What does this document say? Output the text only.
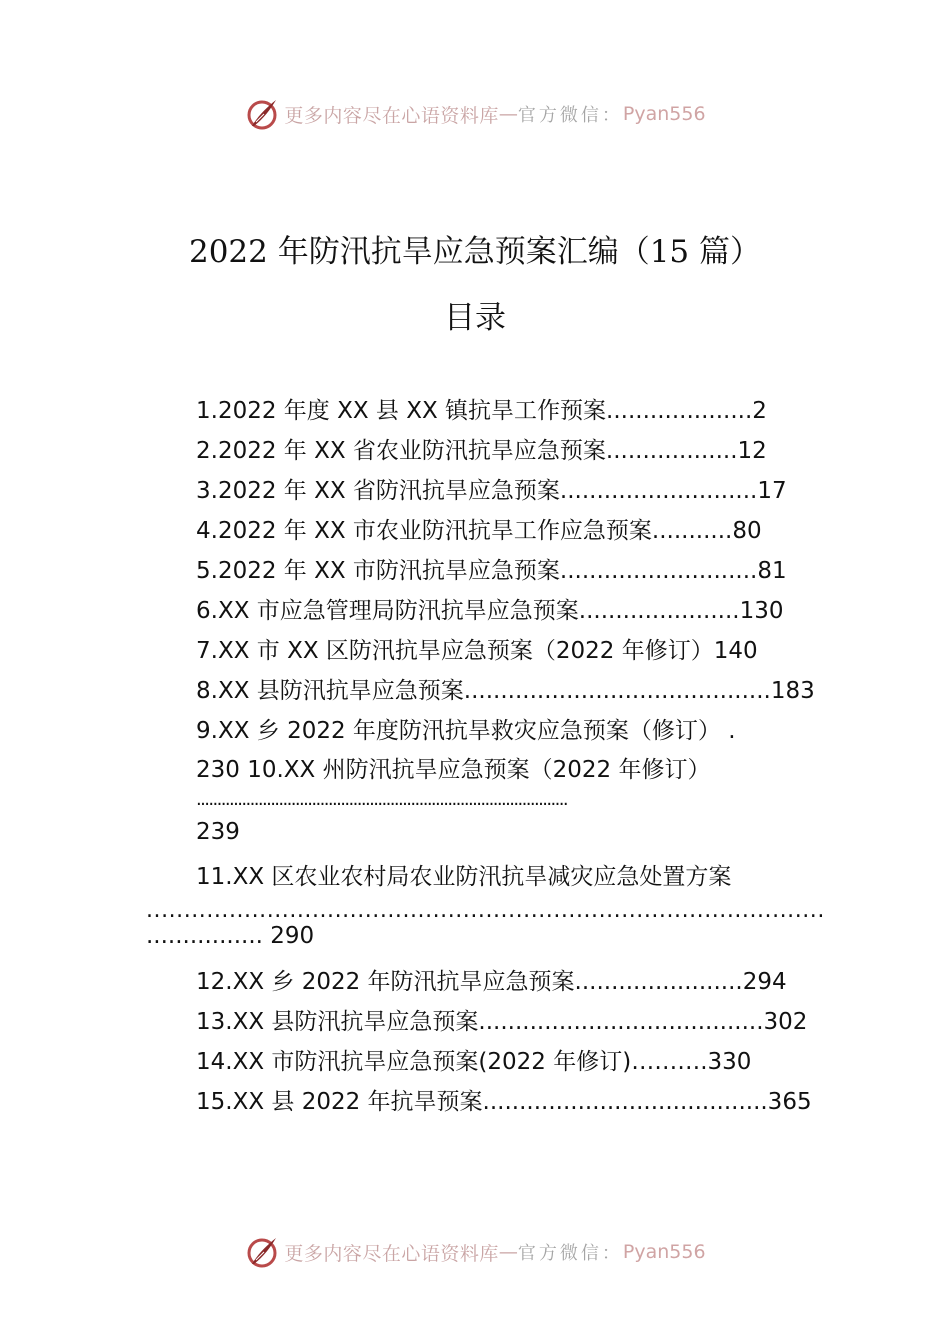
更多内容尽在心语资料库 — 官方微信： Pyan556
2022 年防汛抗旱应急预案汇编（15 篇）
目录
1.2022 年度 XX 县 XX 镇抗旱工作预案....................2
2.2022 年 XX 省农业防汛抗旱应急预案..................12
3.2022 年 XX 省防汛抗旱应急预案...........................17
4.2022 年 XX 市农业防汛抗旱工作应急预案...........80
5.2022 年 XX 市防汛抗旱应急预案...........................81
6.XX 市应急管理局防汛抗旱应急预案......................130
7.XX 市 XX 区防汛抗旱应急预案（2022 年修订）140
8.XX 县防汛抗旱应急预案..........................................183
9.XX 乡 2022 年度防汛抗旱救灾应急预案（修订） .
230 10.XX 州防汛抗旱应急预案（2022 年修订）
..........................................................................................
239
11.XX 区农业农村局农业防汛抗旱减灾应急处置方案
..........................................................................................
................ 290
12.XX 乡 2022 年防汛抗旱应急预案.......................294
13.XX 县防汛抗旱应急预案.......................................302
14.XX 市防汛抗旱应急预案(2022 年修订)……….330
15.XX 县 2022 年抗旱预案.......................................365
更多内容尽在心语资料库 — 官方微信： Pyan556
